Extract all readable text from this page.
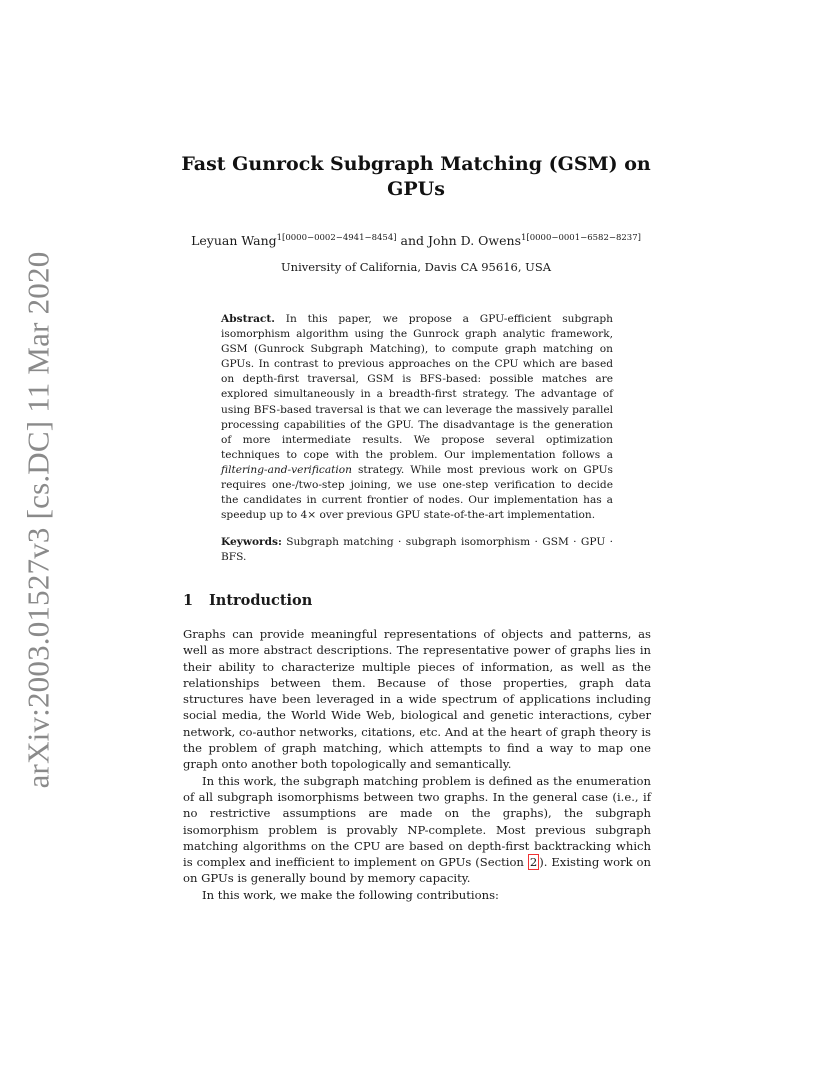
arXiv:2003.01527v3 [cs.DC] 11 Mar 2020
Fast Gunrock Subgraph Matching (GSM) on
GPUs
Leyuan Wang$^{1[0000-0002-4941-8454]}$ and John D. Owens$^{1[0000-0001-6582-8237]}$
University of California, Davis CA 95616, USA
Abstract. In this paper, we propose a GPU-efficient subgraph isomorphism algorithm using the Gunrock graph analytic framework, GSM (Gunrock Subgraph Matching), to compute graph matching on GPUs. In contrast to previous approaches on the CPU which are based on depth-first traversal, GSM is BFS-based: possible matches are explored simultaneously in a breadth-first strategy. The advantage of using BFS-based traversal is that we can leverage the massively parallel processing capabilities of the GPU. The disadvantage is the generation of more intermediate results. We propose several optimization techniques to cope with the problem. Our implementation follows a filtering-and-verification strategy. While most previous work on GPUs requires one-/two-step joining, we use one-step verification to decide the candidates in current frontier of nodes. Our implementation has a speedup up to 4× over previous GPU state-of-the-art implementation.
Keywords: Subgraph matching · subgraph isomorphism · GSM · GPU · BFS.
1 Introduction

Graphs can provide meaningful representations of objects and patterns, as well as more abstract descriptions. The representative power of graphs lies in their ability to characterize multiple pieces of information, as well as the relationships between them. Because of those properties, graph data structures have been leveraged in a wide spectrum of applications including social media, the World Wide Web, biological and genetic interactions, cyber network, co-author networks, citations, etc. And at the heart of graph theory is the problem of graph matching, which attempts to find a way to map one graph onto another both topologically and semantically.

In this work, the subgraph matching problem is defined as the enumeration of all subgraph isomorphisms between two graphs. In the general case (i.e., if no restrictive assumptions are made on the graphs), the subgraph isomorphism problem is provably NP-complete. Most previous subgraph matching algorithms on the CPU are based on depth-first backtracking which is complex and inefficient to implement on GPUs (Section 2 ). Existing work on on GPUs is generally bound by memory capacity.

In this work, we make the following contributions:
